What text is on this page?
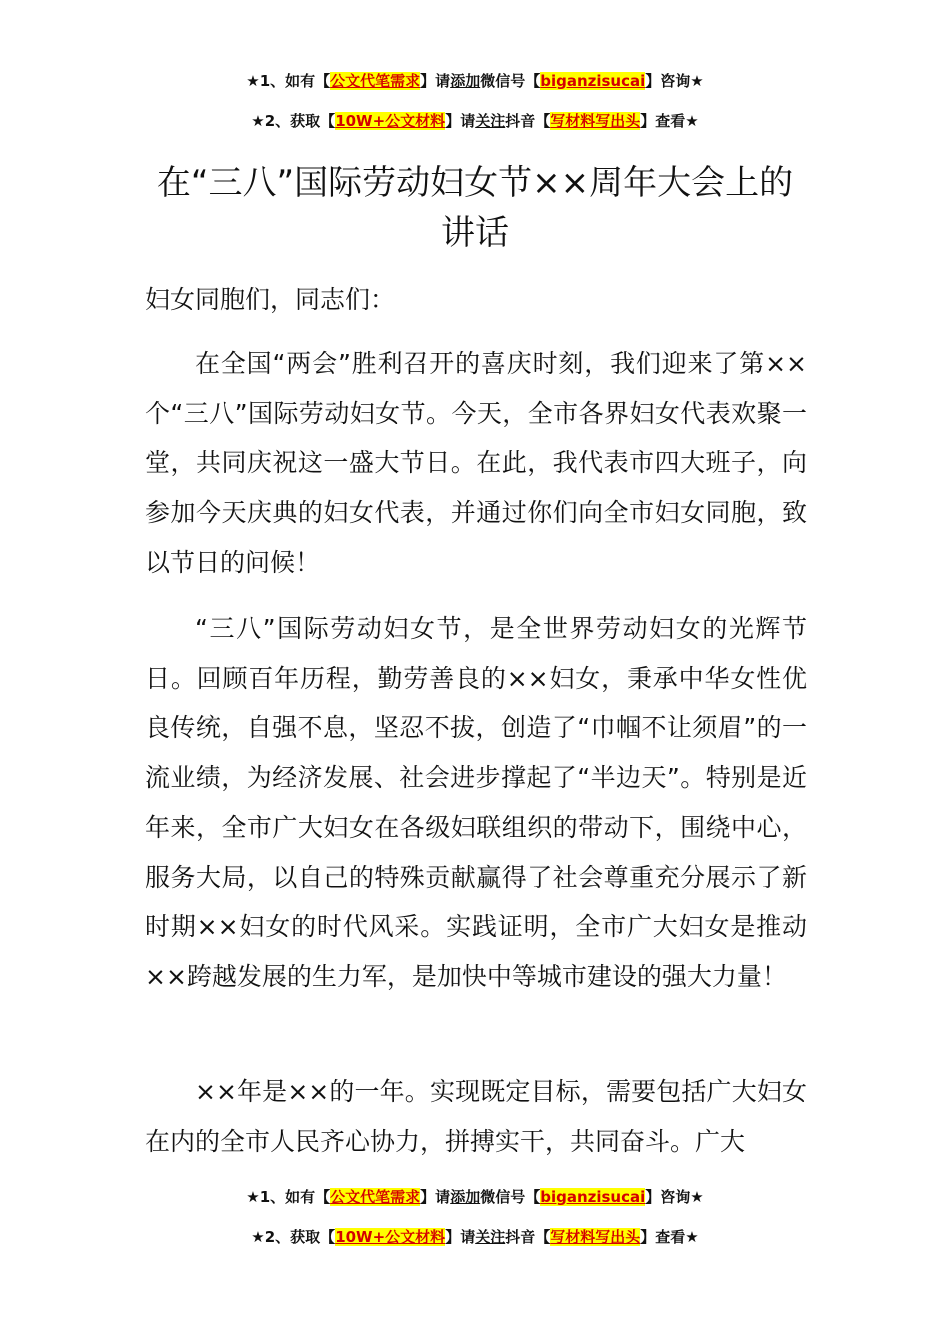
★1、如有【公文代笔需求】请添加微信号【biganzisucai】咨询★
★2、获取【10W+公文材料】请关注抖音【写材料写出头】查看★
在“三八”国际劳动妇女节××周年大会上的讲话

妇女同胞们，同志们：

在全国“两会”胜利召开的喜庆时刻，我们迎来了第××个“三八”国际劳动妇女节。今天，全市各界妇女代表欢聚一堂，共同庆祝这一盛大节日。在此，我代表市四大班子，向参加今天庆典的妇女代表，并通过你们向全市妇女同胞，致以节日的问候！

“三八”国际劳动妇女节，是全世界劳动妇女的光辉节日。回顾百年历程，勤劳善良的××妇女，秉承中华女性优良传统，自强不息，坚忍不拔，创造了“巾帼不让须眉”的一流业绩，为经济发展、社会进步撑起了“半边天”。特别是近年来，全市广大妇女在各级妇联组织的带动下，围绕中心，服务大局，以自己的特殊贡献赢得了社会尊重充分展示了新时期××妇女的时代风采。实践证明，全市广大妇女是推动××跨越发展的生力军，是加快中等城市建设的强大力量！

××年是××的一年。实现既定目标，需要包括广大妇女在内的全市人民齐心协力，拼搏实干，共同奋斗。广大

★1、如有【公文代笔需求】请添加微信号【biganzisucai】咨询★
★2、获取【10W+公文材料】请关注抖音【写材料写出头】查看★
